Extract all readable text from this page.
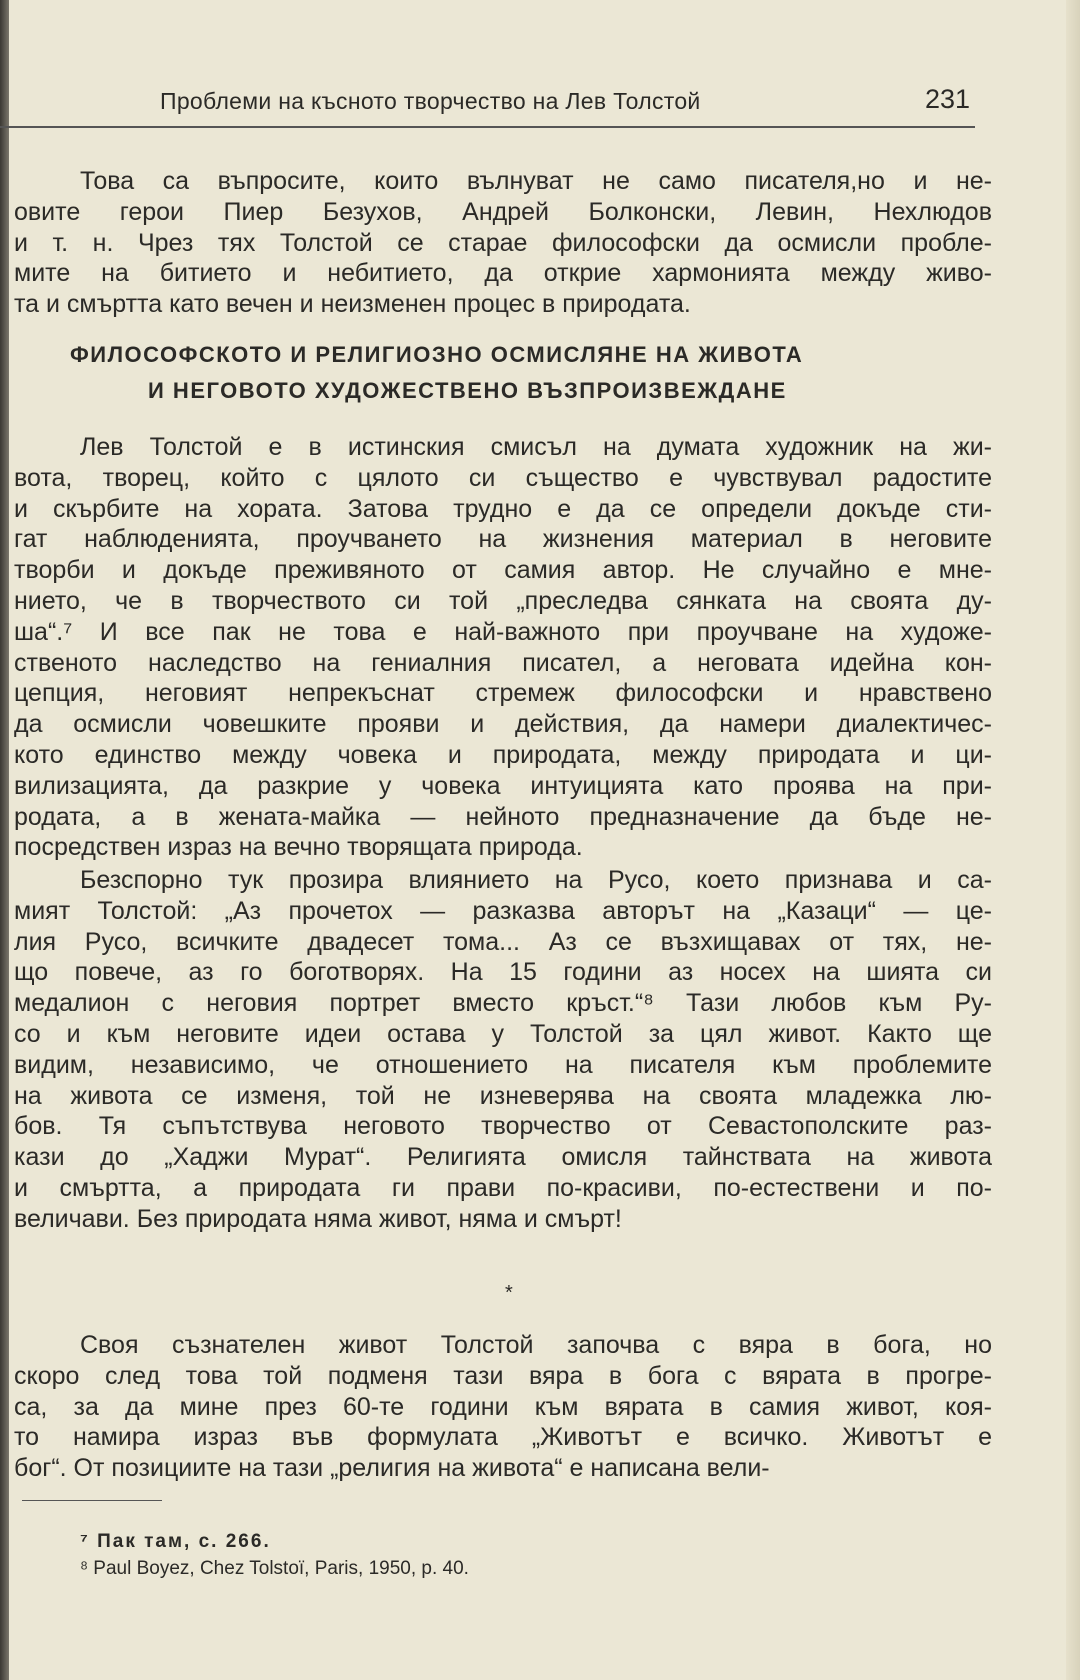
Проблеми на късното творчество на Лев Толстой	231
Това са въпросите, които вълнуват не само писателя,но и не-
овите герои Пиер Безухов, Андрей Болконски, Левин, Нехлюдов
и т. н. Чрез тях Толстой се старае философски да осмисли пробле-
мите на битието и небитието, да открие хармонията между живо-
та и смъртта като вечен и неизменен процес в природата.
Лев Толстой е в истинския смисъл на думата художник на жи-
вота, творец, който с цялото си същество е чувствувал радостите
и скърбите на хората. Затова трудно е да се определи докъде сти-
гат наблюденията, проучването на жизнения материал в неговите
творби и докъде преживяното от самия автор. Не случайно е мне-
нието, че в творчеството си той „преследва сянката на своята ду-
ша“.⁷ И все пак не това е най-важното при проучване на художе-
ственото наследство на гениалния писател, а неговата идейна кон-
цепция, неговият непрекъснат стремеж философски и нравствено
да осмисли човешките прояви и действия, да намери диалектичес-
кото единство между човека и природата, между природата и ци-
вилизацията, да разкрие у човека интуицията като проява на при-
родата, а в жената-майка — нейното предназначение да бъде не-
посредствен израз на вечно творящата природа.
Безспорно тук прозира влиянието на Русо, което признава и са-
мият Толстой: „Аз прочетох — разказва авторът на „Казаци“ — це-
лия Русо, всичките двадесет тома... Аз се възхищавах от тях, не-
що повече, аз го боготворях. На 15 години аз носех на шията си
медалион с неговия портрет вместо кръст.“⁸ Тази любов към Ру-
со и към неговите идеи остава у Толстой за цял живот. Както ще
видим, независимо, че отношението на писателя към проблемите
на живота се изменя, той не изневерява на своята младежка лю-
бов. Тя съпътствува неговото творчество от Севастополските раз-
кази до „Хаджи Мурат“. Религията омисля тайнствата на живота
и смъртта, а природата ги прави по-красиви, по-естествени и по-
величави. Без природата няма живот, няма и смърт!
Своя съзнателен живот Толстой започва с вяра в бога, но
скоро след това той подменя тази вяра в бога с вярата в прогре-
са, за да мине през 60-те години към вярата в самия живот, коя-
то намира израз във формулата „Животът е всичко. Животът е
бог“. От позициите на тази „религия на живота“ е написана вели-
ФИЛОСОФСКОТО И РЕЛИГИОЗНО ОСМИСЛЯНЕ НА ЖИВОТА
И НЕГОВОТО ХУДОЖЕСТВЕНО ВЪЗПРОИЗВЕЖДАНЕ
*
⁷ Пак там, с. 266.
⁸ Paul Boyez, Chez Tolstoï, Paris, 1950, p. 40.
